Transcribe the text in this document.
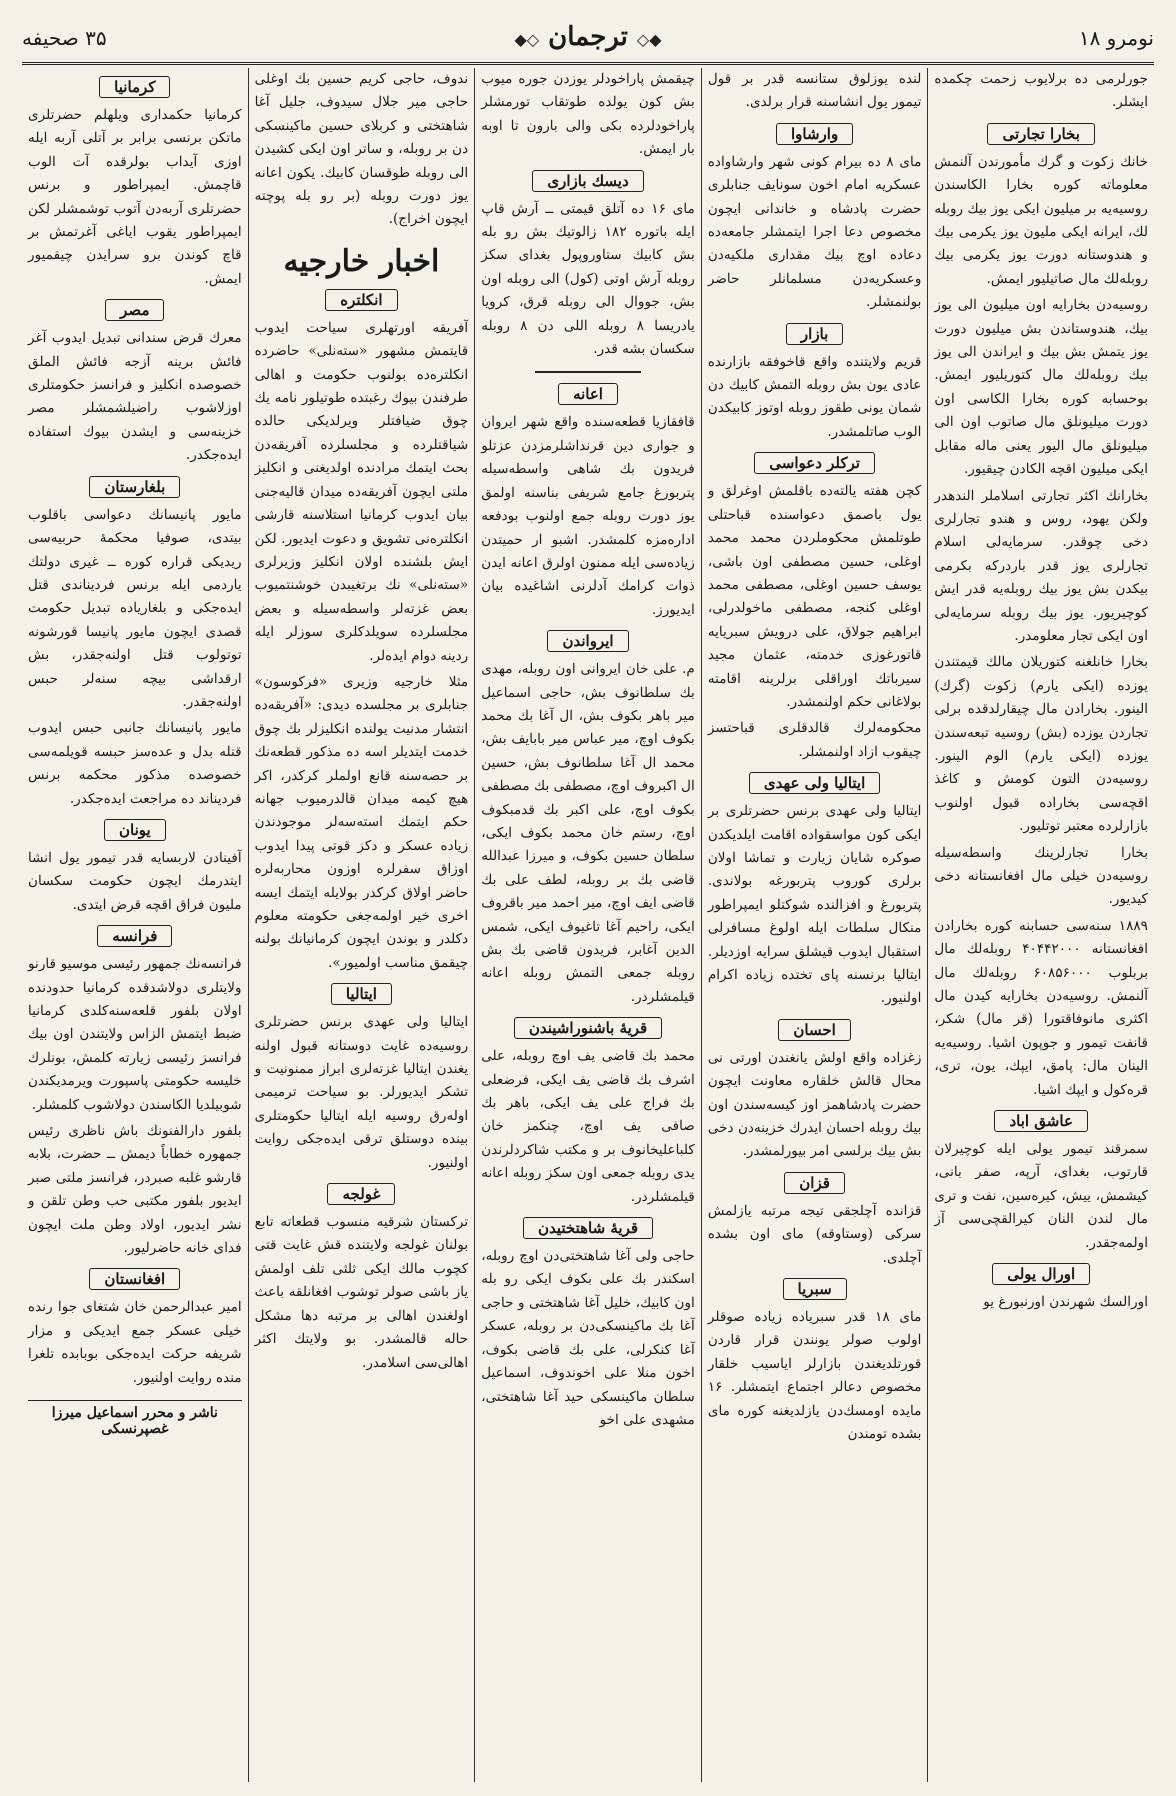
نومرو ۱۸
◆◇ ترجمان ◇◆
۳۵ صحیفه

جورلرمی ده برلایوب زحمت چکمده ایشلر.

بخارا تجارتی

خانك زکوت و گرك مأمورندن آلنمش معلوماته کوره بخارا الکاسندن روسیه‌یه بر میلیون ایکی یوز بیك روبله لك، ایرانه ایکی ملیون یوز یکرمی بیك و هندوستانه دورت یوز یکرمی بیك روبله‌لك مال صاتیلیور ایمش.

روسیه‌دن بخارایه اون میلیون الی یوز بیك، هندوستاندن بش میلیون دورت یوز یتمش بش بیك و ایراندن الی یوز بیك روبله‌لك مال کتوریلیور ایمش. بوحسابه کوره بخارا الکاسی اون دورت میلیونلق مال صاتوب اون الی میلیونلق مال الیور یعنی ماله مقابل ایکی میلیون اقچه الکادن چیقیور.

بخارانك اکثر تجارتی اسلاملر الندهدر ولکن یهود، روس و هندو تجارلری دخی چوقدر. سرمایه‌لی اسلام تجارلری یوز قدر باردرکه بکرمی بیکدن بش یوز بیك روبله‌یه قدر ایش کوچیریور. یوز بیك روبله سرمایه‌لی اون ایکی تجار معلومدر.

بخارا خانلغنه کتوریلان مالك قیمتندن یوزده (ایکی یارم) زکوت (گرك) الینور. بخارادن مال چیقارلدقده برلی تجاردن یوزده (بش) روسیه تبعه‌سندن یوزده (ایکی یارم) الوم الینور. روسیه‌دن التون کومش و کاغذ اقچه‌سی بخاراده قبول اولنوب بازارلرده معتبر توتلیور.

بخارا تجارلرینك واسطه‌سیله روسیه‌دن خیلی مال افغانستانه دخی کیدیور.

۱۸۸۹ سنه‌سی حسابنه کوره بخارادن افغانستانه ۴۰۴۴۲۰۰۰ روبله‌لك مال بربلوب ۶۰۸۵۶۰۰۰ روبله‌لك مال آلنمش. روسیه‌دن بخارایه کیدن مال اکثری مانوفاقتورا (قر مال) شکر، قانفت تیمور و جوپون اشیا. روسیه‌یه الینان مال: پامق، ایپك، یون، تری، قره‌کول و ایپك اشیا.

عاشق اباد

سمرقند تیمور یولی ایله کوچیرلان قارتوب، بغدای، آرپه، صفر بانی، کیشمش، ییش، کیره‌سین، نفت و تری مال لندن النان کیرالقچی‌سی آز اولمه‌جقدر.

اورال یولی

اورالسك شهرندن اورنبورغ یو

لنده یوزلوق ستانسه قدر بر قول تیمور یول انشاسنه قرار برلدی.

وارشاوا

مای ۸ ده بیرام کونی شهر وارشاواده عسکریه امام اخون سونایف جنابلری حضرت پادشاه و خاندانی ایچون مخصوص دعا اجرا ایتمشلر جامعه‌ده دعاده اوچ بیك مقداری ملکیه‌دن وعسکریه‌دن مسلمانلر حاضر بولنمشلر.

بازار

قریم ولایتنده واقع قاخوفقه بازارنده عادی یون بش روبله التمش کابیك دن شمان یونی طقوز روبله اوتوز کابیکدن الوب صاتلمشدر.

ترکلر دعواسی

کچن هفته یالته‌ده باقلمش اوغرلق و یول باصمق دعواسنده قباحتلی طوتلمش محکوملردن محمد محمد اوغلی، حسین مصطفی اون باشی، یوسف حسین اوغلی، مصطفی محمد اوغلی کنجه، مصطفی ماخولدرلی، ابراهیم جولاق، علی درویش سبریایه قاتورغوزی خدمته، عثمان مجید سیرباتك اوراقلی برلرینه اقامته بولاغانی حکم اولنمشدر.

محکومه‌لرك قالدقلری قباحتسز چیقوب ازاد اولنمشلر.

ایتالیا ولی عهدی

ایتالیا ولی عهدی برنس حضرتلری بر ایکی کون مواسقواده اقامت ایلدیکدن صوکره شایان زیارت و تماشا اولان برلری کوروب پتربورغه بولاندی. پتربورغ و افزالنده شوکتلو ایمپراطور منکال سلطات ایله اولوغ مسافرلی استقبال ایدوب قیشلق سرایه اوزدیلر. ایتالیا برنسنه پای تختده زیاده اکرام اولنیور.

احسان

زغزاده واقع اولش یانغندن اورتی نی محال قالش خلقاره معاونت ایچون حضرت پادشاهمز اوز کیسه‌سندن اون بیك روبله احسان ایدرك خزینه‌دن دخی بش بیك برلسی امر بیورلمشدر.

قزان

قزانده آچلجقی تیجه مرتبه یازلمش سرکی (وستاوقه) مای اون بشده آچلدی.

سبریا

مای ۱۸ قدر سبریاده زیاده صوقلر اولوب صولر یونندن قرار قاردن قورتلدیغندن بازارلر ایاسیب خلقار مخصوص دعالر اجتماع ایتمشلر. ۱۶ مایده اومسك‌دن یازلدیغنه کوره مای بشده تومندن

چیقمش پاراخودلر یوزدن جوره میوب بش کون یولده طوتقاب تورمشلر پاراخودلرده بکی والی بارون تا اوبه بار ایمش.

دیسك بازاری

مای ۱۶ ده آتلق قیمتی ــ آرش قاپ ایله باتوره ۱۸۲ زالوتیك بش رو بله بش کابیك ستاوروپول بغدای سکز روبله آرش اوتی (کول) الی روبله اون بش، جووال الی روبله قرق، کرویا یادریسا ۸ روبله اللی دن ۸ روبله سکسان بشه قدر.

اعانه

قافقازیا قطعه‌سنده واقع شهر ایروان و جواری دین قرنداشلرمزدن عزتلو فریدون بك شاهی واسطه‌سیله پتربورغ جامع شریفی بناسنه اولمق یوز دورت روبله جمع اولنوب بودفعه اداره‌مزه کلمشدر. اشبو ار حمیتدن زیاده‌سی ایله ممنون اولرق اعانه ایدن ذوات کرامك آدلرنی اشاغیده بیان ایدیورز.

ایرواندن

م. علی خان ایروانی اون روبله، مهدی بك سلطانوف بش، حاجی اسماعیل میر باهر بکوف بش، ال آغا بك محمد بکوف اوچ، میر عباس میر بابایف بش، محمد ال آغا سلطانوف بش، حسین ال اکبروف اوچ، مصطفی بك مصطفی بکوف اوچ، علی اکبر بك قدمبکوف اوچ، رستم خان محمد بکوف ایکی، سلطان حسین بکوف، و میرزا عبدالله قاضی بك بر روبله، لطف علی بك قاضی ایف اوچ، میر احمد میر باقروف ایکی، راحیم آغا تاغیوف ایکی، شمس الدین آغابر، فریدون قاضی بك بش روبله جمعی التمش روبله اعانه قیلمشلردر.

قریهٔ باشنوراشیندن

محمد بك قاضی یف اوچ روبله، علی اشرف بك قاضی یف ایکی، فرضعلی بك فراج علی یف ایکی، باهر بك صافی یف اوچ، چنکمز خان کلباعلیخانوف بر و مکتب شاکردلرندن یدی روبله جمعی اون سکز روبله اعانه قیلمشلردر.

قریهٔ شاهتختیدن

حاجی ولی آغا شاهتختی‌دن اوچ روبله، اسکندر بك علی بکوف ایکی رو بله اون کابیك، خلیل آغا شاهتختی و حاجی آغا بك ماکینسکی‌دن بر روبله، عسکر آغا کنکرلی، علی بك قاضی بکوف، اخون منلا علی اخوندوف، اسماعیل سلطان ماکینسکی حید آغا شاهتختی، مشهدی علی اخو

ندوف، حاجی کریم حسین بك اوغلی حاجی میر جلال سیدوف، جلیل آغا شاهتختی و کربلای حسین ماکینسکی دن بر روبله، و ساتر اون ایکی کشیدن الی روبله طوقسان کابیك. یکون اعانه یوز دورت روبله (بر رو بله پوچته ایچون اخراج).

اخبار خارجیه
انکلتره

آفریقه اورتهلری سیاحت ایدوب قایتمش مشهور «ستەنلی» حاضرده انکلترەده بولنوب حکومت و اهالی طرفندن بیوك رغبتده طوتیلور نامه یك چوق ضیافتلر ویرلدیکی حالده شیاقتلرده و مجلسلرده آفریقه‌دن بحث ایتمك مرادنده اولدیغنی و انکلیز ملتی ایچون آفریقه‌ده میدان قالیه‌جنی بیان ایدوب کرمانیا استلاسنه قارشی انکلتره‌نی تشویق و دعوت ایدیور. لکن ایش بلشنده اولان انکلیز وزیرلری «ستەنلی» نك برتغیبدن خوشنتمیوب بعض غزته‌لر واسطه‌سیله و بعض مجلسلرده سویلدکلری سوزلر ایله ردینه دوام ایدەلر.

مثلا خارجیه وزیری «فرکوسون» جنابلری بر مجلسده دیدی: «آفریقه‌ده انتشار مدنیت یولنده انکلیزلر بك چوق خدمت ایتدیلر اسه ده مذکور قطعه‌نك بر حصه‌سنه قانع اولملر کرکدر، اکر هیچ کیمه میدان قالدرمیوب جهانه حکم ایتمك استه‌سه‌لر موجودندن زیاده عسکر و دکز قوتی پیدا ایدوب اوزاق سفرلره اوزون محاربه‌لره حاضر اولاق کرکدر بولایله ایتمك ایسه اخری خیر اولمه‌جغی حکومته معلوم دکلدر و بوندن ایچون کرمانیانك بولنه چیقمق مناسب اولمیور».

ایتالیا

ایتالیا ولی عهدی برنس حضرتلری روسیه‌ده غایت دوستانه قبول اولنه یغندن ایتالیا غزته‌لری ابراز ممنونیت و تشکر ایدیورلر. بو سیاحت ترمیمی اولەرق روسیه ایله ایتالیا حکومتلری بینده دوستلق ترقی ایده‌جکی روایت اولنیور.

غولجه

ترکستان شرقیه منسوب قطعاته تابع بولنان غولجه ولایتنده قش غایت قتی کچوب مالك ایکی ثلثی تلف اولمش یاز باشی صولر توشوب افغانلقه باعث اولغندن اهالی بر مرتبه دها مشکل حاله قالمشدر. بو ولایتك اکثر اهالی‌سی اسلامدر.

کرمانیا

کرمانیا حکمداری ویلهلم حضرتلری ماتکن برنسی برابر بر آتلی آربه ایله اوزی آیداب بولرقده آت الوب قاچمش. ایمپراطور و برنس حضرتلری آربه‌دن آتوب توشمشلر لکن ایمپراطور یقوب ایاغی آغرتمش بر قاچ کوندن برو سرایدن چیقمیور ایمش.

مصر

معرك قرض سندانی تبدیل ایدوب آغر فائش برینه آزجه فائش الملق خصوصده انکلیز و فرانسز حکومتلری اوزلاشوب راضیلشمشلر مصر خزینه‌سی و ایشدن بیوك استفاده ایده‌جکدر.

بلغارستان

مایور پانیسانك دعواسی باقلوب بیتدی، صوفیا محکمهٔ حربیه‌سی ریدیکی قراره کوره ــ غیری دولتك یاردمی ایله برنس فردیناندی قتل ایده‌جکی و بلغاریاده تبدیل حکومت قصدی ایچون مایور پانیسا قورشونه توتولوب قتل اولنه‌جقدر، بش ارقداشی بیچه سنەلر حبس اولنه‌جقدر.

مایور پانیسانك جانبی حبس ایدوب قتله بدل و عده‌سز حبسه قویلمه‌سی خصوصده مذکور محکمه برنس فردیناند ده مراجعت ایده‌جکدر.

یونان

آفینادن لاربسایه قدر تیمور یول انشا ایتدرمك ایچون حکومت سکسان ملیون فراق اقچه قرض ایتدی.

فرانسه

فرانسه‌نك جمهور رئیسی موسیو قارنو ولایتلری دولاشدقده کرمانیا حدودنده اولان بلفور قلعه‌سنه‌کلدی کرمانیا ضبط ایتمش الزاس ولایتندن اون بیك فرانسز رئیسی زیارته کلمش، بونلرك خلیسه حکومتی پاسپورت ویرمدیکندن شوبیلدیا الکاسندن دولاشوب کلمشلر.

بلفور دارالفنونك باش ناظری رئیس جمهوره خطاباً دیمش ــ حضرت، بلابه قارشو غلبه صبردر، فرانسز ملتی صبر ایدیور بلفور مکتبی حب وطن تلقن و نشر ایدیور، اولاد وطن ملت ایچون فدای خانه حاضرلیور.

افغانستان

امیر عبدالرحمن خان شتغای جوا رنده خیلی عسکر جمع ایدیکی و مزار شریفه حرکت ایده‌جکی بوبابده تلغرا منده روایت اولنیور.

ناشر و محرر اسماعیل میرزا غصپرنسکی
